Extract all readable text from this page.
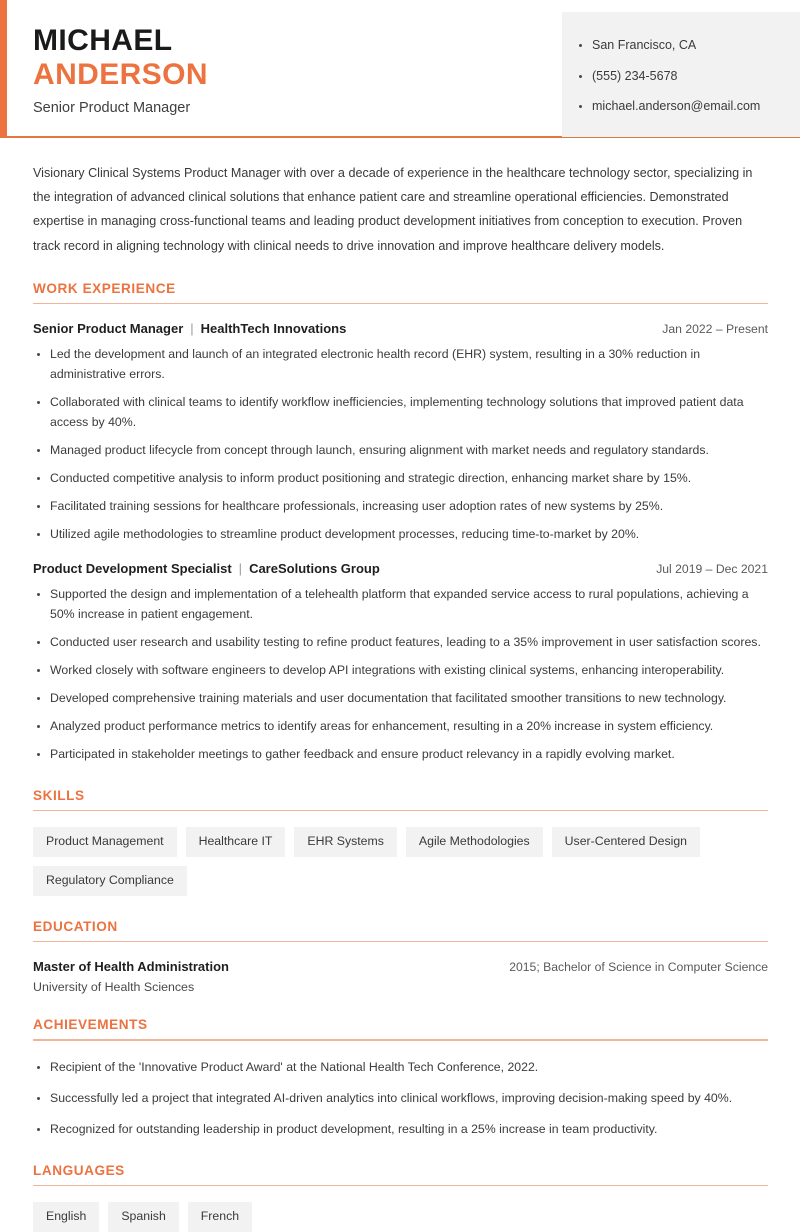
MICHAEL
ANDERSON
Senior Product Manager
San Francisco, CA
(555) 234-5678
michael.anderson@email.com

Visionary Clinical Systems Product Manager with over a decade of experience in the healthcare technology sector, specializing in the integration of advanced clinical solutions that enhance patient care and streamline operational efficiencies. Demonstrated expertise in managing cross-functional teams and leading product development initiatives from conception to execution. Proven track record in aligning technology with clinical needs to drive innovation and improve healthcare delivery models.

WORK EXPERIENCE
Senior Product Manager | HealthTech Innovations	Jan 2022 – Present
Led the development and launch of an integrated electronic health record (EHR) system, resulting in a 30% reduction in administrative errors.
Collaborated with clinical teams to identify workflow inefficiencies, implementing technology solutions that improved patient data access by 40%.
Managed product lifecycle from concept through launch, ensuring alignment with market needs and regulatory standards.
Conducted competitive analysis to inform product positioning and strategic direction, enhancing market share by 15%.
Facilitated training sessions for healthcare professionals, increasing user adoption rates of new systems by 25%.
Utilized agile methodologies to streamline product development processes, reducing time-to-market by 20%.
Product Development Specialist | CareSolutions Group	Jul 2019 – Dec 2021
Supported the design and implementation of a telehealth platform that expanded service access to rural populations, achieving a 50% increase in patient engagement.
Conducted user research and usability testing to refine product features, leading to a 35% improvement in user satisfaction scores.
Worked closely with software engineers to develop API integrations with existing clinical systems, enhancing interoperability.
Developed comprehensive training materials and user documentation that facilitated smoother transitions to new technology.
Analyzed product performance metrics to identify areas for enhancement, resulting in a 20% increase in system efficiency.
Participated in stakeholder meetings to gather feedback and ensure product relevancy in a rapidly evolving market.
SKILLS
Product Management	Healthcare IT	EHR Systems	Agile Methodologies	User-Centered Design
Regulatory Compliance
EDUCATION
Master of Health Administration
University of Health Sciences
2015; Bachelor of Science in Computer Science
ACHIEVEMENTS
Recipient of the 'Innovative Product Award' at the National Health Tech Conference, 2022.
Successfully led a project that integrated AI-driven analytics into clinical workflows, improving decision-making speed by 40%.
Recognized for outstanding leadership in product development, resulting in a 25% increase in team productivity.
LANGUAGES
English	Spanish	French
